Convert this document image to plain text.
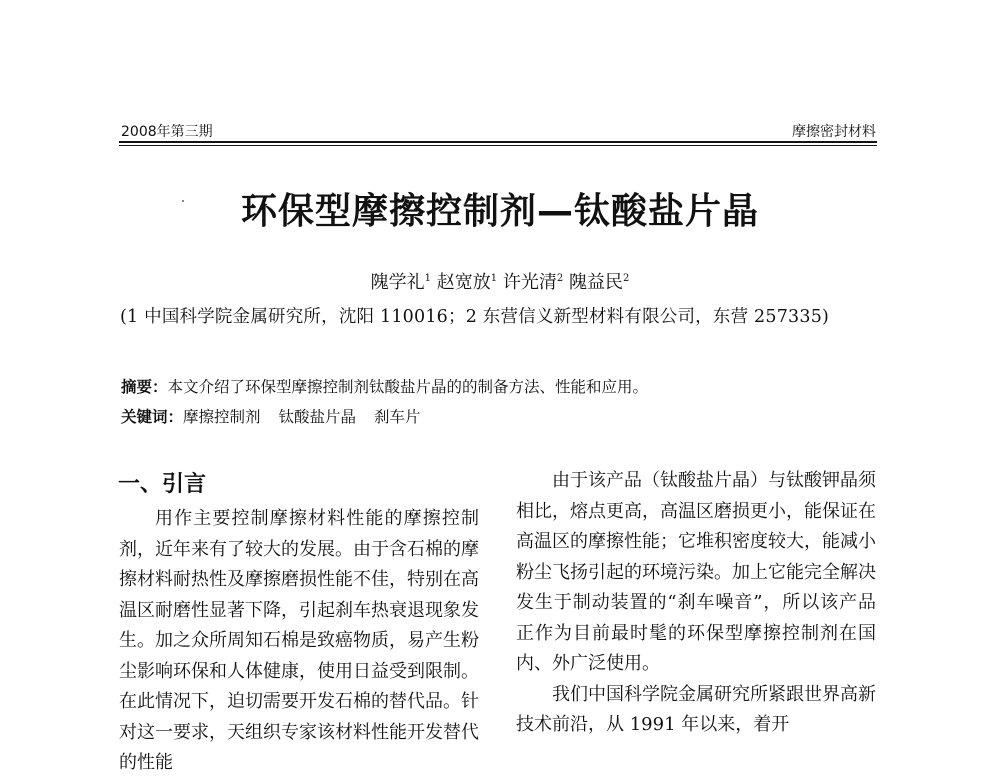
2008年第三期	摩擦密封材料
环保型摩擦控制剂—钛酸盐片晶
隗学礼$^1$ 赵宽放$^1$ 许光清$^2$ 隗益民$^2$
(1 中国科学院金属研究所，沈阳 110016；2 东营信义新型材料有限公司，东营 257335)
摘要：本文介绍了环保型摩擦控制剂钛酸盐片晶的的制备方法、性能和应用。
关键词：摩擦控制剂 钛酸盐片晶 刹车片
一、引言

用作主要控制摩擦材料性能的摩擦控制剂，近年来有了较大的发展。由于含石棉的摩擦材料耐热性及摩擦磨损性能不佳，特别在高温区耐磨性显著下降，引起刹车热衰退现象发生。加之众所周知石棉是致癌物质，易产生粉尘影响环保和人体健康，使用日益受到限制。在此情况下，迫切需要开发石棉的替代品。针对这一要求，天组织专家该材料性能开发替代的性能

由于该产品（钛酸盐片晶）与钛酸钾晶须相比，熔点更高，高温区磨损更小，能保证在高温区的摩擦性能；它堆积密度较大，能减小粉尘飞扬引起的环境污染。加上它能完全解决发生于制动装置的“刹车噪音”，所以该产品正作为目前最时髦的环保型摩擦控制剂在国内、外广泛使用。

我们中国科学院金属研究所紧跟世界高新技术前沿，从 1991 年以来，着开
